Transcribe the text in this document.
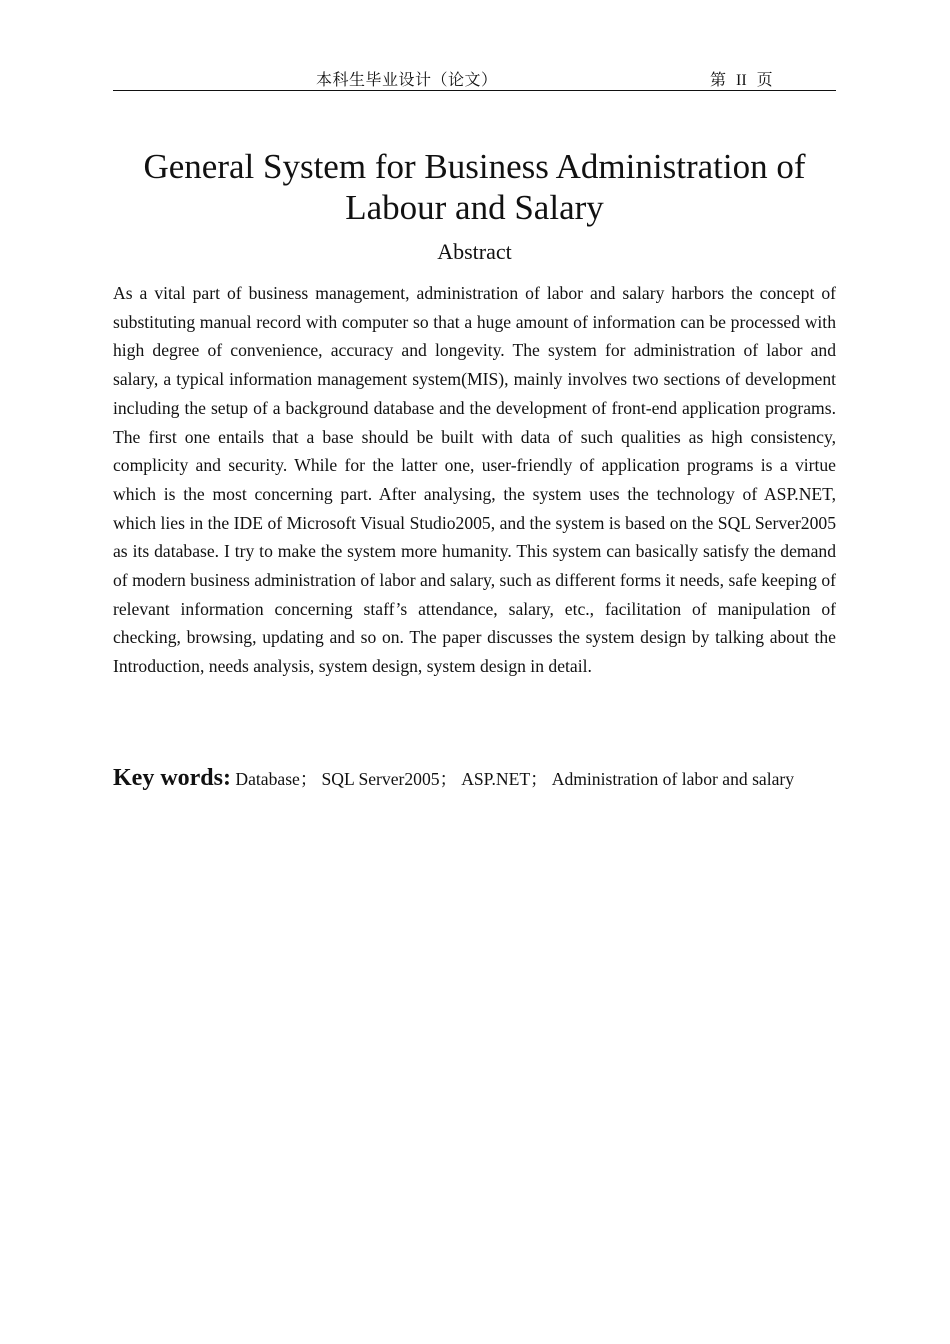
本科生毕业设计（论文）	第 II 页
General System for Business Administration of Labour and Salary
Abstract

As a vital part of business management, administration of labor and salary harbors the concept of substituting manual record with computer so that a huge amount of information can be processed with high degree of convenience, accuracy and longevity. The system for administration of labor and salary, a typical information management system(MIS), mainly involves two sections of development including the setup of a background database and the development of front-end application programs. The first one entails that a base should be built with data of such qualities as high consistency, complicity and security. While for the latter one, user-friendly of application programs is a virtue which is the most concerning part. After analysing, the system uses the technology of ASP.NET, which lies in the IDE of Microsoft Visual Studio2005, and the system is based on the SQL Server2005 as its database. I try to make the system more humanity. This system can basically satisfy the demand of modern business administration of labor and salary, such as different forms it needs, safe keeping of relevant information concerning staff’s attendance, salary, etc., facilitation of manipulation of checking, browsing, updating and so on. The paper discusses the system design by talking about the Introduction, needs analysis, system design, system design in detail.

Key words: Database； SQL Server2005； ASP.NET； Administration of labor and salary
